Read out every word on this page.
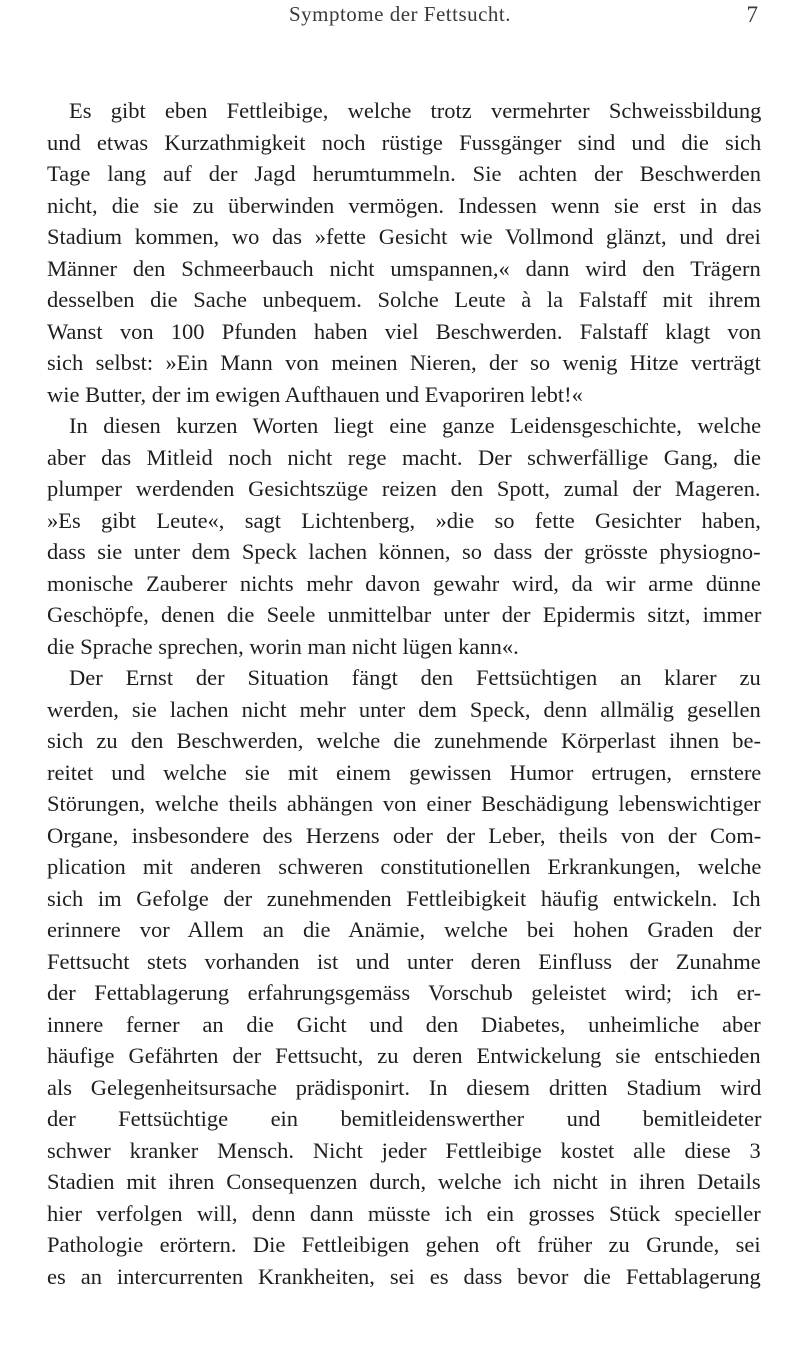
Symptome der Fettsucht.	7
Es gibt eben Fettleibige, welche trotz vermehrter Schweissbildung
und etwas Kurzathmigkeit noch rüstige Fussgänger sind und die sich
Tage lang auf der Jagd herumtummeln. Sie achten der Beschwerden
nicht, die sie zu überwinden vermögen. Indessen wenn sie erst in das
Stadium kommen, wo das »fette Gesicht wie Vollmond glänzt, und drei
Männer den Schmeerbauch nicht umspannen,« dann wird den Trägern
desselben die Sache unbequem. Solche Leute à la Falstaff mit ihrem
Wanst von 100 Pfunden haben viel Beschwerden. Falstaff klagt von
sich selbst: »Ein Mann von meinen Nieren, der so wenig Hitze verträgt
wie Butter, der im ewigen Aufthauen und Evaporiren lebt!«
In diesen kurzen Worten liegt eine ganze Leidensgeschichte, welche
aber das Mitleid noch nicht rege macht. Der schwerfällige Gang, die
plumper werdenden Gesichtszüge reizen den Spott, zumal der Mageren.
»Es gibt Leute«, sagt Lichtenberg, »die so fette Gesichter haben,
dass sie unter dem Speck lachen können, so dass der grösste physiogno-
monische Zauberer nichts mehr davon gewahr wird, da wir arme dünne
Geschöpfe, denen die Seele unmittelbar unter der Epidermis sitzt, immer
die Sprache sprechen, worin man nicht lügen kann«.
Der Ernst der Situation fängt den Fettsüchtigen an klarer zu
werden, sie lachen nicht mehr unter dem Speck, denn allmälig gesellen
sich zu den Beschwerden, welche die zunehmende Körperlast ihnen be-
reitet und welche sie mit einem gewissen Humor ertrugen, ernstere
Störungen, welche theils abhängen von einer Beschädigung lebenswichtiger
Organe, insbesondere des Herzens oder der Leber, theils von der Com-
plication mit anderen schweren constitutionellen Erkrankungen, welche
sich im Gefolge der zunehmenden Fettleibigkeit häufig entwickeln. Ich
erinnere vor Allem an die Anämie, welche bei hohen Graden der
Fettsucht stets vorhanden ist und unter deren Einfluss der Zunahme
der Fettablagerung erfahrungsgemäss Vorschub geleistet wird; ich er-
innere ferner an die Gicht und den Diabetes, unheimliche aber
häufige Gefährten der Fettsucht, zu deren Entwickelung sie entschieden
als Gelegenheitsursache prädisponirt. In diesem dritten Stadium wird
der Fettsüchtige ein bemitleidenswerther und bemitleideter
schwer kranker Mensch. Nicht jeder Fettleibige kostet alle diese 3
Stadien mit ihren Consequenzen durch, welche ich nicht in ihren Details
hier verfolgen will, denn dann müsste ich ein grosses Stück specieller
Pathologie erörtern. Die Fettleibigen gehen oft früher zu Grunde, sei
es an intercurrenten Krankheiten, sei es dass bevor die Fettablagerung
